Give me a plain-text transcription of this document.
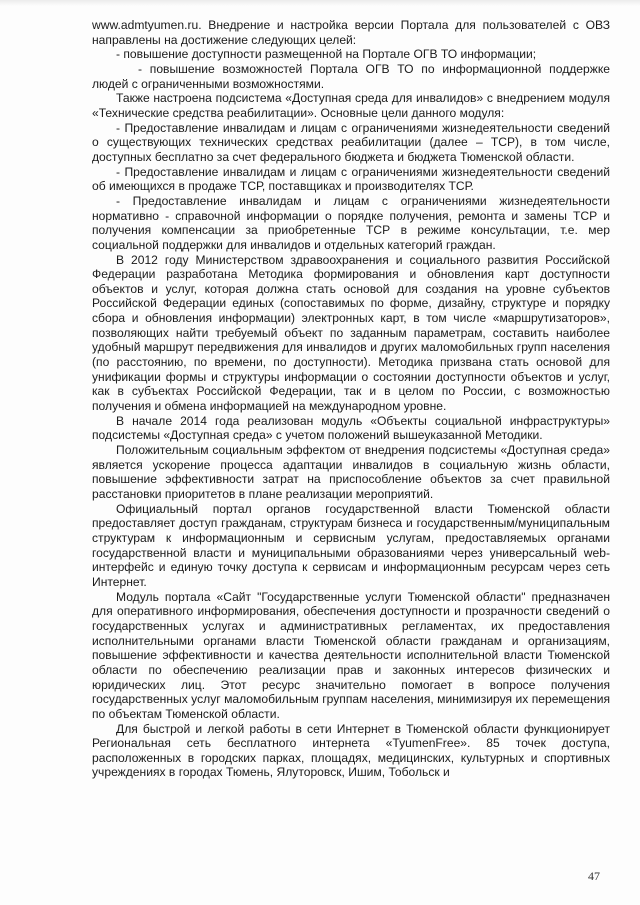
www.admtyumen.ru. Внедрение и настройка версии Портала для пользователей с ОВЗ направлены на достижение следующих целей:

- повышение доступности размещенной на Портале ОГВ ТО информации;

- повышение возможностей Портала ОГВ ТО по информационной поддержке людей с ограниченными возможностями.

Также настроена подсистема «Доступная среда для инвалидов» с внедрением модуля «Технические средства реабилитации». Основные цели данного модуля:

- Предоставление инвалидам и лицам с ограничениями жизнедеятельности сведений о существующих технических средствах реабилитации (далее – ТСР), в том числе, доступных бесплатно за счет федерального бюджета и бюджета Тюменской области.

- Предоставление инвалидам и лицам с ограничениями жизнедеятельности сведений об имеющихся в продаже ТСР, поставщиках и производителях ТСР.

- Предоставление инвалидам и лицам с ограничениями жизнедеятельности нормативно - справочной информации о порядке получения, ремонта и замены ТСР и получения компенсации за приобретенные ТСР в режиме консультации, т.е. мер социальной поддержки для инвалидов и отдельных категорий граждан.

В 2012 году Министерством здравоохранения и социального развития Российской Федерации разработана Методика формирования и обновления карт доступности объектов и услуг, которая должна стать основой для создания на уровне субъектов Российской Федерации единых (сопоставимых по форме, дизайну, структуре и порядку сбора и обновления информации) электронных карт, в том числе «маршрутизаторов», позволяющих найти требуемый объект по заданным параметрам, составить наиболее удобный маршрут передвижения для инвалидов и других маломобильных групп населения (по расстоянию, по времени, по доступности). Методика призвана стать основой для унификации формы и структуры информации о состоянии доступности объектов и услуг, как в субъектах Российской Федерации, так и в целом по России, с возможностью получения и обмена информацией на международном уровне.

В начале 2014 года реализован модуль «Объекты социальной инфраструктуры» подсистемы «Доступная среда» с учетом положений вышеуказанной Методики.

Положительным социальным эффектом от внедрения подсистемы «Доступная среда» является ускорение процесса адаптации инвалидов в социальную жизнь области, повышение эффективности затрат на приспособление объектов за счет правильной расстановки приоритетов в плане реализации мероприятий.

Официальный портал органов государственной власти Тюменской области предоставляет доступ гражданам, структурам бизнеса и государственным/муниципальным структурам к информационным и сервисным услугам, предоставляемых органами государственной власти и муниципальными образованиями через универсальный web-интерфейс и единую точку доступа к сервисам и информационным ресурсам через сеть Интернет.

Модуль портала «Сайт "Государственные услуги Тюменской области" предназначен для оперативного информирования, обеспечения доступности и прозрачности сведений о государственных услугах и административных регламентах, их предоставления исполнительными органами власти Тюменской области гражданам и организациям, повышение эффективности и качества деятельности исполнительной власти Тюменской области по обеспечению реализации прав и законных интересов физических и юридических лиц. Этот ресурс значительно помогает в вопросе получения государственных услуг маломобильным группам населения, минимизируя их перемещения по объектам Тюменской области.

Для быстрой и легкой работы в сети Интернет в Тюменской области функционирует Региональная сеть бесплатного интернета «TyumenFree». 85 точек доступа, расположенных в городских парках, площадях, медицинских, культурных и спортивных учреждениях в городах Тюмень, Ялуторовск, Ишим, Тобольск и

47
